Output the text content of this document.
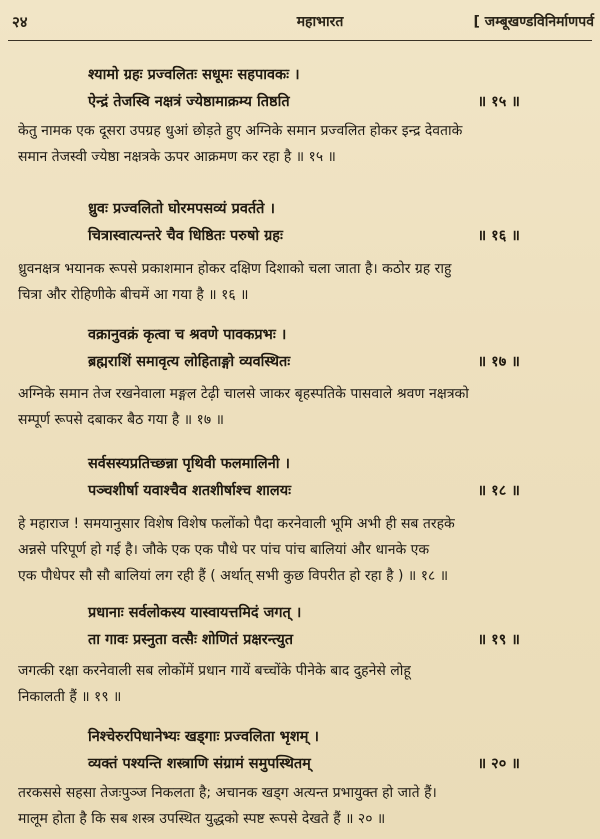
२४	महाभारत	[ जम्बूखण्डविनिर्माणपर्व
श्यामो ग्रहः प्रज्वलितः सधूमः सहपावकः ।
ऐन्द्रं तेजस्वि नक्षत्रं ज्येष्ठामाक्रम्य तिष्ठति	॥ १५ ॥
केतु नामक एक दूसरा उपग्रह धुआं छोड़ते हुए अग्निके समान प्रज्वलित होकर इन्द्र देवताके
समान तेजस्वी ज्येष्ठा नक्षत्रके ऊपर आक्रमण कर रहा है ॥ १५ ॥
ध्रुवः प्रज्वलितो घोरमपसव्यं प्रवर्तते ।
चित्रास्वात्यन्तरे चैव धिष्ठितः परुषो ग्रहः	॥ १६ ॥
ध्रुवनक्षत्र भयानक रूपसे प्रकाशमान होकर दक्षिण दिशाको चला जाता है। कठोर ग्रह राहु
चित्रा और रोहिणीके बीचमें आ गया है ॥ १६ ॥
वक्रानुवक्रं कृत्वा च श्रवणे पावकप्रभः ।
ब्रह्मराशिं समावृत्य लोहिताङ्गो व्यवस्थितः	॥ १७ ॥
अग्निके समान तेज रखनेवाला मङ्गल टेढ़ी चालसे जाकर बृहस्पतिके पासवाले श्रवण नक्षत्रको
सम्पूर्ण रूपसे दबाकर बैठ गया है ॥ १७ ॥
सर्वसस्यप्रतिच्छन्ना पृथिवी फलमालिनी ।
पञ्चशीर्षा यवाश्चैव शतशीर्षाश्च शालयः	॥ १८ ॥
हे महाराज ! समयानुसार विशेष विशेष फलोंको पैदा करनेवाली भूमि अभी ही सब तरहके
अन्नसे परिपूर्ण हो गई है। जौके एक एक पौधे पर पांच पांच बालियां और धानके एक
एक पौधेपर सौ सौ बालियां लग रही हैं ( अर्थात् सभी कुछ विपरीत हो रहा है ) ॥ १८ ॥
प्रधानाः सर्वलोकस्य यास्वायत्तमिदं जगत् ।
ता गावः प्रस्नुता वत्सैः शोणितं प्रक्षरन्त्युत	॥ १९ ॥
जगत्की रक्षा करनेवाली सब लोकोंमें प्रधान गायें बच्चोंके पीनेके बाद दुहनेसे लोहू
निकालती हैं ॥ १९ ॥
निश्चेरुरपिधानेभ्यः खड्गाः प्रज्वलिता भृशम् ।
व्यक्तं पश्यन्ति शस्त्राणि संग्रामं समुपस्थितम्	॥ २० ॥
तरकससे सहसा तेजःपुञ्ज निकलता है; अचानक खड्ग अत्यन्त प्रभायुक्त हो जाते हैं।
मालूम होता है कि सब शस्त्र उपस्थित युद्धको स्पष्ट रूपसे देखते हैं ॥ २० ॥
